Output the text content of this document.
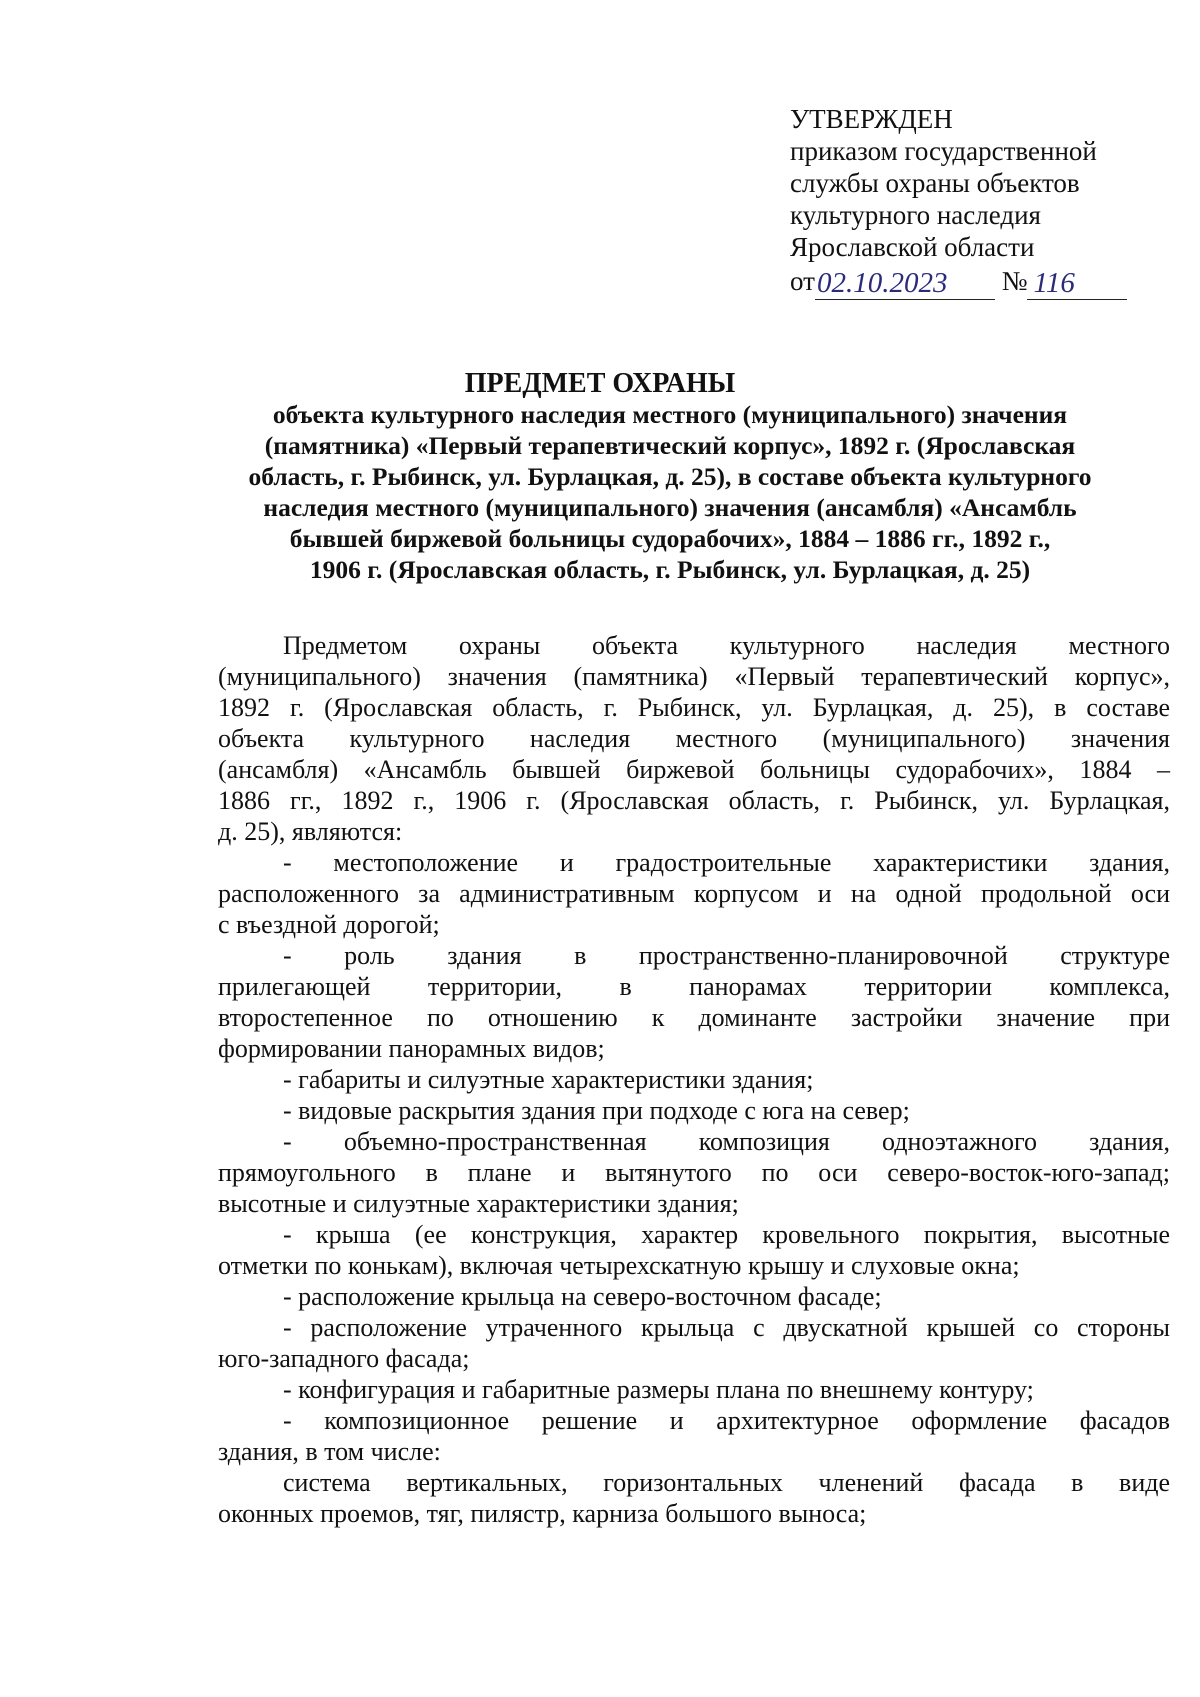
УТВЕРЖДЕН
приказом государственной
службы охраны объектов
культурного наследия
Ярославской области
от02.10.2023 № 116
ПРЕДМЕТ ОХРАНЫ
объекта культурного наследия местного (муниципального) значения
(памятника) «Первый терапевтический корпус», 1892 г. (Ярославская
область, г. Рыбинск, ул. Бурлацкая, д. 25), в составе объекта культурного
наследия местного (муниципального) значения (ансамбля) «Ансамбль
бывшей биржевой больницы судорабочих», 1884 – 1886 гг., 1892 г.,
1906 г. (Ярославская область, г. Рыбинск, ул. Бурлацкая, д. 25)
Предметом охраны объекта культурного наследия местного
(муниципального) значения (памятника) «Первый терапевтический корпус»,
1892 г. (Ярославская область, г. Рыбинск, ул. Бурлацкая, д. 25), в составе
объекта культурного наследия местного (муниципального) значения
(ансамбля) «Ансамбль бывшей биржевой больницы судорабочих», 1884 –
1886 гг., 1892 г., 1906 г. (Ярославская область, г. Рыбинск, ул. Бурлацкая,
д. 25), являются:
- местоположение и градостроительные характеристики здания,
расположенного за административным корпусом и на одной продольной оси
с въездной дорогой;
- роль здания в пространственно-планировочной структуре
прилегающей территории, в панорамах территории комплекса,
второстепенное по отношению к доминанте застройки значение при
формировании панорамных видов;
- габариты и силуэтные характеристики здания;
- видовые раскрытия здания при подходе с юга на север;
- объемно-пространственная композиция одноэтажного здания,
прямоугольного в плане и вытянутого по оси северо-восток-юго-запад;
высотные и силуэтные характеристики здания;
- крыша (ее конструкция, характер кровельного покрытия, высотные
отметки по конькам), включая четырехскатную крышу и слуховые окна;
- расположение крыльца на северо-восточном фасаде;
- расположение утраченного крыльца с двускатной крышей со стороны
юго-западного фасада;
- конфигурация и габаритные размеры плана по внешнему контуру;
- композиционное решение и архитектурное оформление фасадов
здания, в том числе:
система вертикальных, горизонтальных членений фасада в виде
оконных проемов, тяг, пилястр, карниза большого выноса;
